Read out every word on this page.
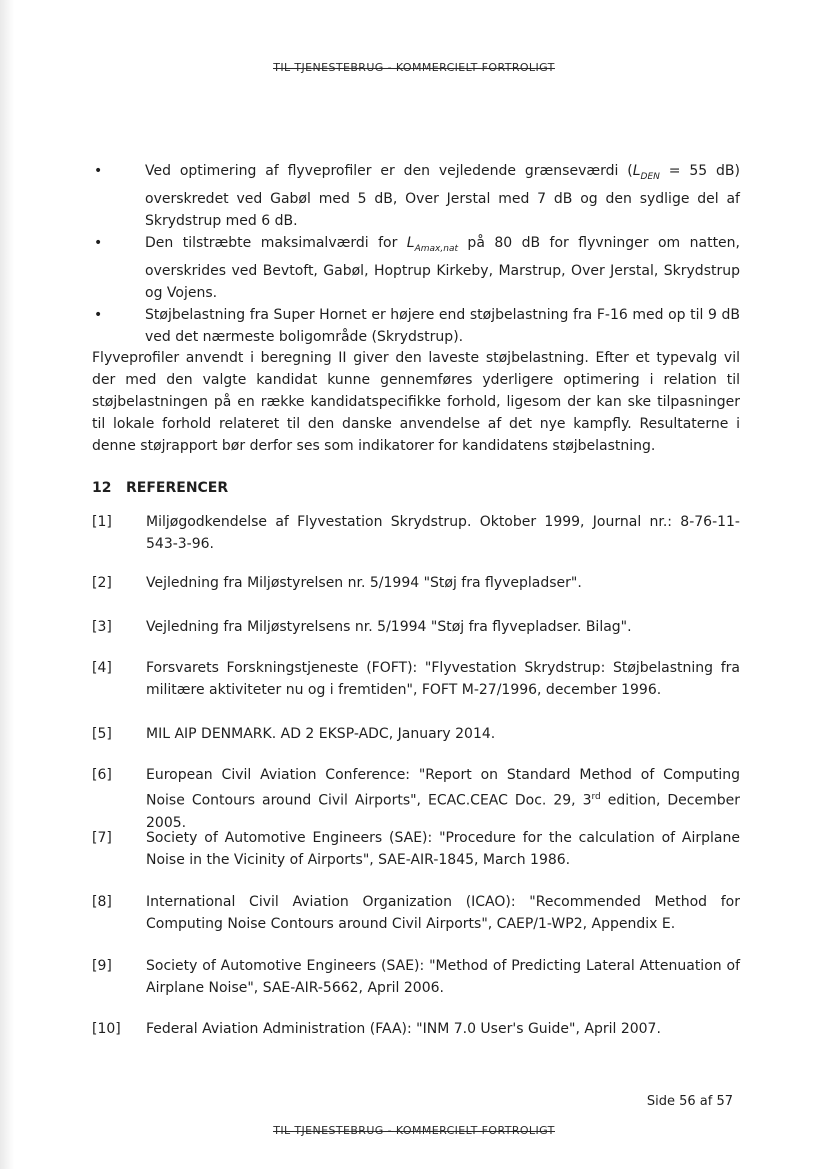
TIL TJENESTEBRUG - KOMMERCIELT FORTROLIGT
• Ved optimering af flyveprofiler er den vejledende grænseværdi ($L_{DEN} = 55$ dB) overskredet ved Gabøl med 5 dB, Over Jerstal med 7 dB og den sydlige del af Skrydstrup med 6 dB.
• Den tilstræbte maksimalværdi for $L_{Amax,nat}$ på 80 dB for flyvninger om natten, overskrides ved Bevtoft, Gabøl, Hoptrup Kirkeby, Marstrup, Over Jerstal, Skrydstrup og Vojens.
• Støjbelastning fra Super Hornet er højere end støjbelastning fra F-16 med op til 9 dB ved det nærmeste boligområde (Skrydstrup).

Flyveprofiler anvendt i beregning II giver den laveste støjbelastning. Efter et typevalg vil der med den valgte kandidat kunne gennemføres yderligere optimering i relation til støjbelastningen på en række kandidatspecifikke forhold, ligesom der kan ske tilpasninger til lokale forhold relateret til den danske anvendelse af det nye kampfly. Resultaterne i denne støjrapport bør derfor ses som indikatorer for kandidatens støjbelastning.

12 REFERENCER
[1]	Miljøgodkendelse af Flyvestation Skrydstrup. Oktober 1999, Journal nr.: 8-76-11-543-3-96.
[2]	Vejledning fra Miljøstyrelsen nr. 5/1994 "Støj fra flyvepladser".
[3]	Vejledning fra Miljøstyrelsens nr. 5/1994 "Støj fra flyvepladser. Bilag".
[4]	Forsvarets Forskningstjeneste (FOFT): "Flyvestation Skrydstrup: Støjbelastning fra militære aktiviteter nu og i fremtiden", FOFT M-27/1996, december 1996.
[5]	MIL AIP DENMARK. AD 2 EKSP-ADC, January 2014.
[6]	European Civil Aviation Conference: "Report on Standard Method of Computing Noise Contours around Civil Airports", ECAC.CEAC Doc. 29, 3rd edition, December 2005.
[7]	Society of Automotive Engineers (SAE): "Procedure for the calculation of Airplane Noise in the Vicinity of Airports", SAE-AIR-1845, March 1986.
[8]	International Civil Aviation Organization (ICAO): "Recommended Method for Computing Noise Contours around Civil Airports", CAEP/1-WP2, Appendix E.
[9]	Society of Automotive Engineers (SAE): "Method of Predicting Lateral Attenuation of Airplane Noise", SAE-AIR-5662, April 2006.
[10]	Federal Aviation Administration (FAA): "INM 7.0 User's Guide", April 2007.
Side 56 af 57
TIL TJENESTEBRUG - KOMMERCIELT FORTROLIGT
